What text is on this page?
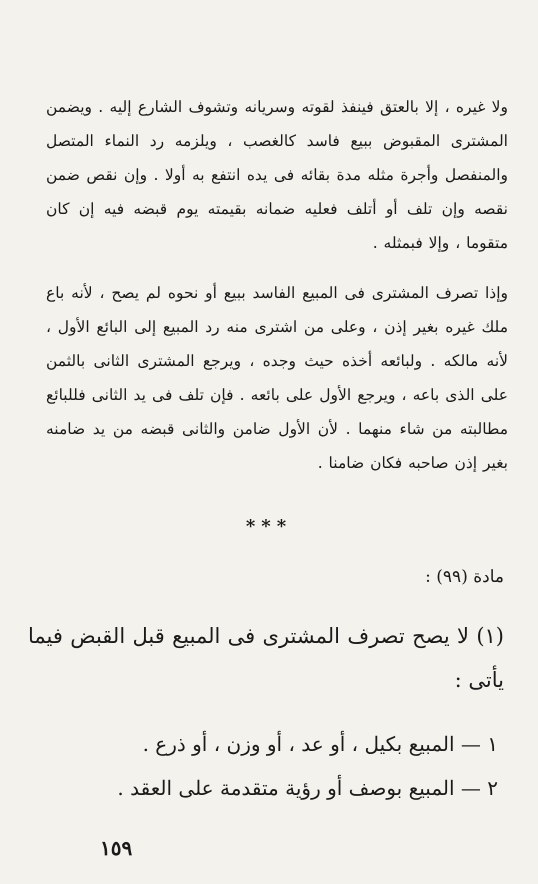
ولا غيره ، إلا بالعتق فينفذ لقوته وسريانه وتشوف الشارع إليه . ويضمن المشترى المقبوض ببيع فاسد كالغصب ، ويلزمه رد النماء المتصل والمنفصل وأجرة مثله مدة بقائه فى يده انتفع به أولا . وإن نقص ضمن نقصه وإن تلف أو أتلف فعليه ضمانه بقيمته يوم قبضه فيه إن كان متقوما ، وإلا فبمثله .

وإذا تصرف المشترى فى المبيع الفاسد ببيع أو نحوه لم يصح ، لأنه باع ملك غيره بغير إذن ، وعلى من اشترى منه رد المبيع إلى البائع الأول ، لأنه مالكه . ولبائعه أخذه حيث وجده ، ويرجع المشترى الثانى بالثمن على الذى باعه ، ويرجع الأول على بائعه . فإن تلف فى يد الثانى فللبائع مطالبته من شاء منهما . لأن الأول ضامن والثانى قبضه من يد ضامنه بغير إذن صاحبه فكان ضامنا .

***
مادة (٩٩) :

(١) لا يصح تصرف المشترى فى المبيع قبل القبض فيما يأتى :

١ — المبيع بكيل ، أو عد ، أو وزن ، أو ذرع .
٢ — المبيع بوصف أو رؤية متقدمة على العقد .
١٥٩
